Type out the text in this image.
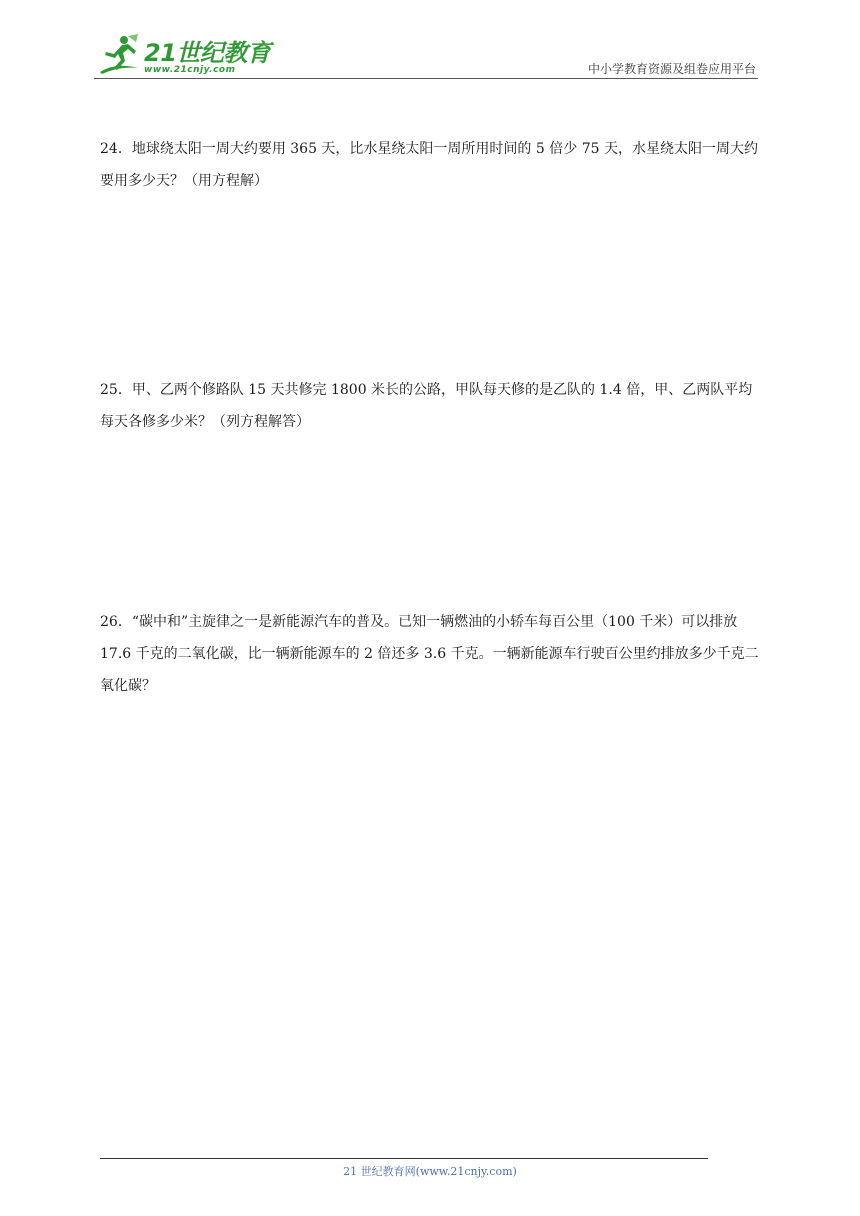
21世纪教育
www.21cnjy.com	中小学教育资源及组卷应用平台

24．地球绕太阳一周大约要用 365 天，比水星绕太阳一周所用时间的 5 倍少 75 天，水星绕太阳一周大约要用多少天？（用方程解）

25．甲、乙两个修路队 15 天共修完 1800 米长的公路，甲队每天修的是乙队的 1.4 倍，甲、乙两队平均每天各修多少米？（列方程解答）

26．“碳中和”主旋律之一是新能源汽车的普及。已知一辆燃油的小轿车每百公里（100 千米）可以排放 17.6 千克的二氧化碳，比一辆新能源车的 2 倍还多 3.6 千克。一辆新能源车行驶百公里约排放多少千克二氧化碳？

21 世纪教育网(www.21cnjy.com)
